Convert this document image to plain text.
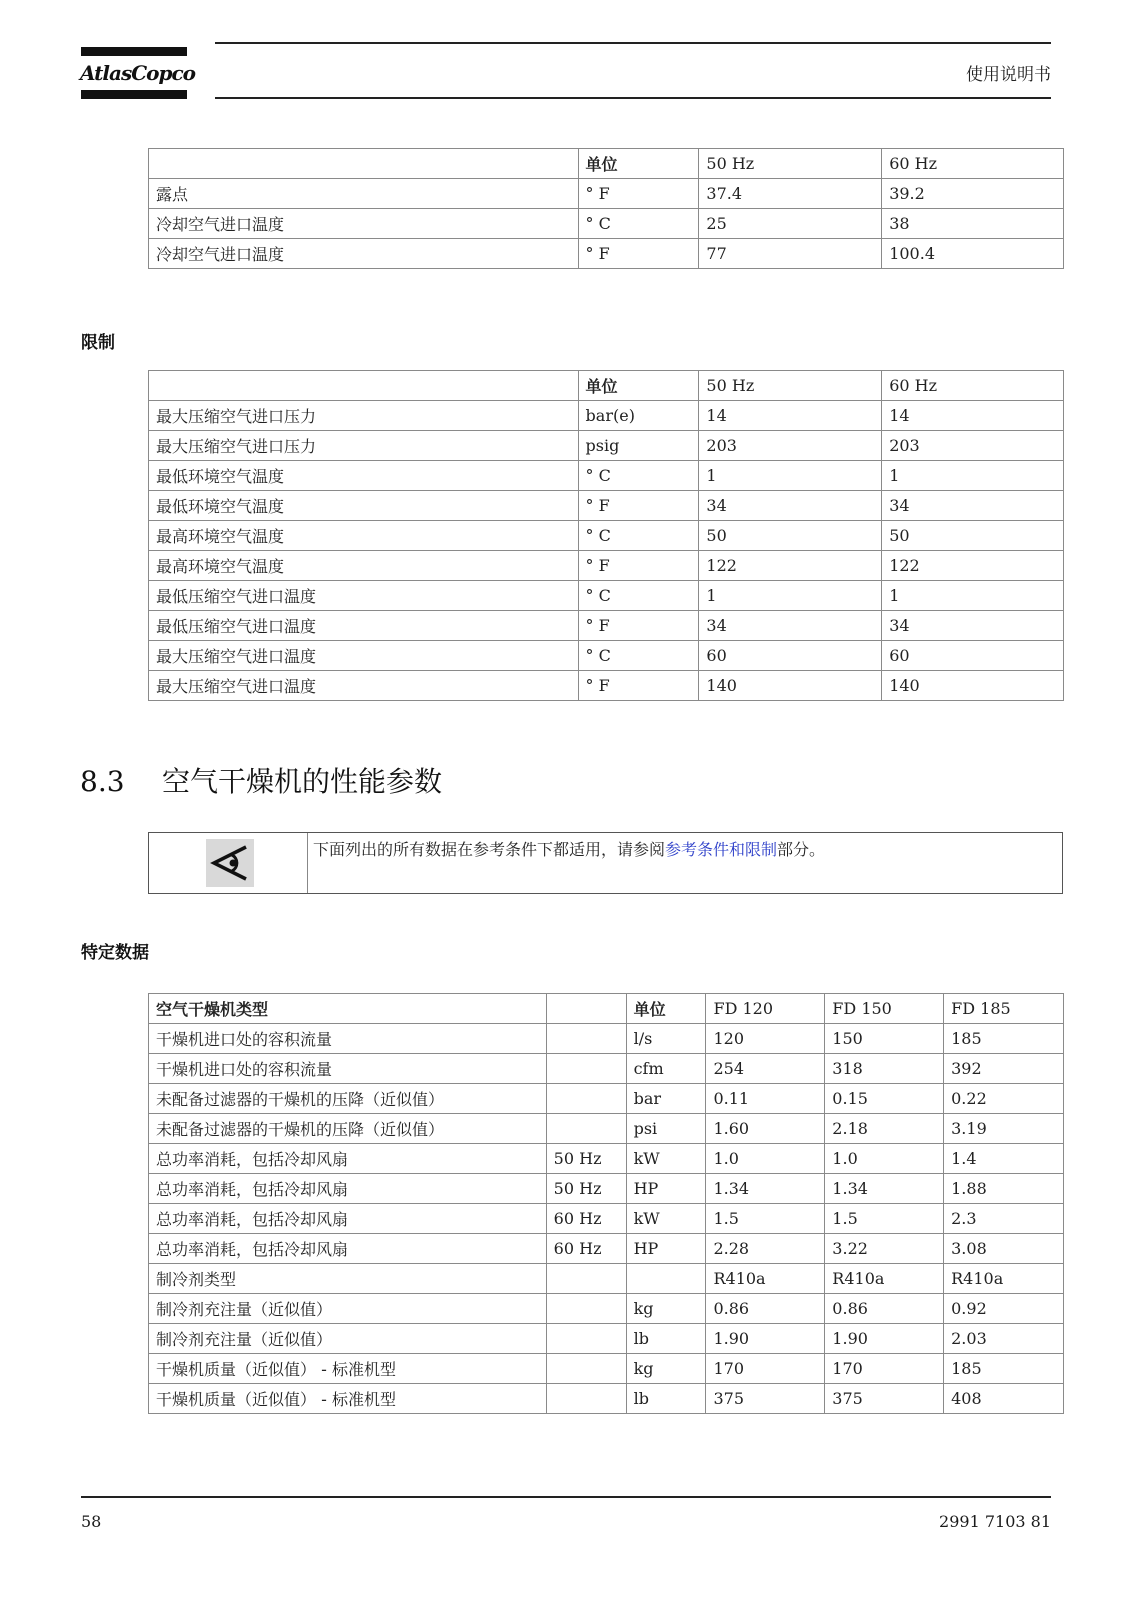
AtlasCopco	使用说明书
	单位	50 Hz	60 Hz
露点	° F	37.4	39.2
冷却空气进口温度	° C	25	38
冷却空气进口温度	° F	77	100.4
限制
	单位	50 Hz	60 Hz
最大压缩空气进口压力	bar(e)	14	14
最大压缩空气进口压力	psig	203	203
最低环境空气温度	° C	1	1
最低环境空气温度	° F	34	34
最高环境空气温度	° C	50	50
最高环境空气温度	° F	122	122
最低压缩空气进口温度	° C	1	1
最低压缩空气进口温度	° F	34	34
最大压缩空气进口温度	° C	60	60
最大压缩空气进口温度	° F	140	140
8.3 空气干燥机的性能参数
下面列出的所有数据在参考条件下都适用，请参阅参考条件和限制部分。
特定数据
空气干燥机类型		单位	FD 120	FD 150	FD 185
干燥机进口处的容积流量		l/s	120	150	185
干燥机进口处的容积流量		cfm	254	318	392
未配备过滤器的干燥机的压降（近似值）		bar	0.11	0.15	0.22
未配备过滤器的干燥机的压降（近似值）		psi	1.60	2.18	3.19
总功率消耗，包括冷却风扇	50 Hz	kW	1.0	1.0	1.4
总功率消耗，包括冷却风扇	50 Hz	HP	1.34	1.34	1.88
总功率消耗，包括冷却风扇	60 Hz	kW	1.5	1.5	2.3
总功率消耗，包括冷却风扇	60 Hz	HP	2.28	3.22	3.08
制冷剂类型			R410a	R410a	R410a
制冷剂充注量（近似值）		kg	0.86	0.86	0.92
制冷剂充注量（近似值）		lb	1.90	1.90	2.03
干燥机质量（近似值） - 标准机型		kg	170	170	185
干燥机质量（近似值） - 标准机型		lb	375	375	408
58	2991 7103 81
